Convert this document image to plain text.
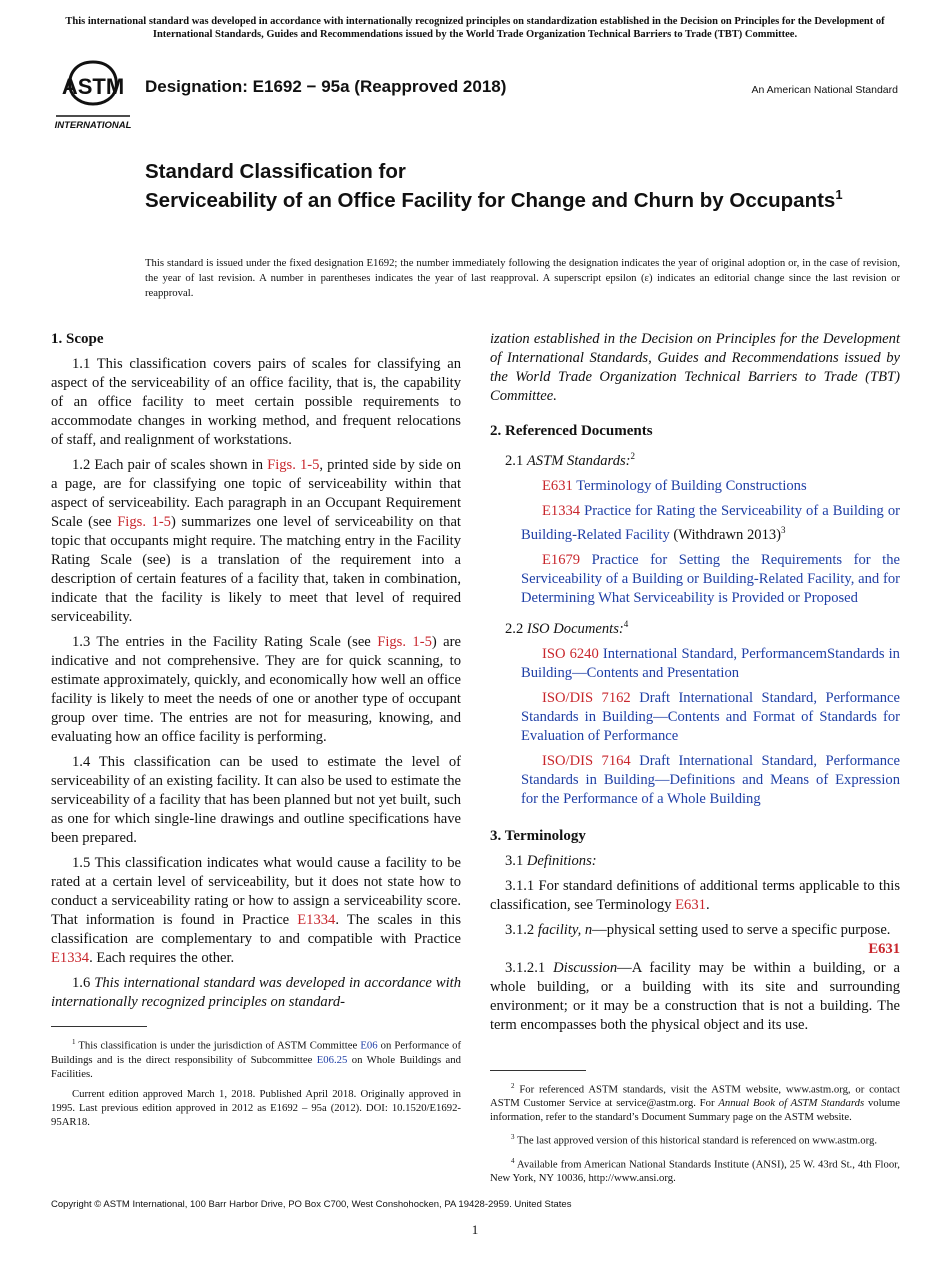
This international standard was developed in accordance with internationally recognized principles on standardization established in the Decision on Principles for the Development of International Standards, Guides and Recommendations issued by the World Trade Organization Technical Barriers to Trade (TBT) Committee.
ASTM
INTERNATIONAL
Designation: E1692 − 95a (Reapproved 2018)	An American National Standard
Standard Classification for
Serviceability of an Office Facility for Change and Churn by Occupants$^1$
This standard is issued under the fixed designation E1692; the number immediately following the designation indicates the year of original adoption or, in the case of revision, the year of last revision. A number in parentheses indicates the year of last reapproval. A superscript epsilon (ε) indicates an editorial change since the last revision or reapproval.
1. Scope

1.1 This classification covers pairs of scales for classifying an aspect of the serviceability of an office facility, that is, the capability of an office facility to meet certain possible requirements to accommodate changes in working method, and frequent relocations of staff, and realignment of workstations.

1.2 Each pair of scales shown in Figs. 1-5, printed side by side on a page, are for classifying one topic of serviceability within that aspect of serviceability. Each paragraph in an Occupant Requirement Scale (see Figs. 1-5) summarizes one level of serviceability on that topic that occupants might require. The matching entry in the Facility Rating Scale (see) is a translation of the requirement into a description of certain features of a facility that, taken in combination, indicate that the facility is likely to meet that level of required serviceability.

1.3 The entries in the Facility Rating Scale (see Figs. 1-5) are indicative and not comprehensive. They are for quick scanning, to estimate approximately, quickly, and economically how well an office facility is likely to meet the needs of one or another type of occupant group over time. The entries are not for measuring, knowing, and evaluating how an office facility is performing.

1.4 This classification can be used to estimate the level of serviceability of an existing facility. It can also be used to estimate the serviceability of a facility that has been planned but not yet built, such as one for which single-line drawings and outline specifications have been prepared.

1.5 This classification indicates what would cause a facility to be rated at a certain level of serviceability, but it does not state how to conduct a serviceability rating or how to assign a serviceability score. That information is found in Practice E1334. The scales in this classification are complementary to and compatible with Practice E1334. Each requires the other.

1.6 This international standard was developed in accordance with internationally recognized principles on standard-

$^1$ This classification is under the jurisdiction of ASTM Committee E06 on Performance of Buildings and is the direct responsibility of Subcommittee E06.25 on Whole Buildings and Facilities.

Current edition approved March 1, 2018. Published April 2018. Originally approved in 1995. Last previous edition approved in 2012 as E1692 – 95a (2012). DOI: 10.1520/E1692-95AR18.

ization established in the Decision on Principles for the Development of International Standards, Guides and Recommendations issued by the World Trade Organization Technical Barriers to Trade (TBT) Committee.

2. Referenced Documents

2.1 ASTM Standards:$^2$

E631 Terminology of Building Constructions

E1334 Practice for Rating the Serviceability of a Building or Building-Related Facility (Withdrawn 2013)$^3$

E1679 Practice for Setting the Requirements for the Serviceability of a Building or Building-Related Facility, and for Determining What Serviceability is Provided or Proposed

2.2 ISO Documents:$^4$

ISO 6240 International Standard, PerformancemStandards in Building—Contents and Presentation

ISO/DIS 7162 Draft International Standard, Performance Standards in Building—Contents and Format of Standards for Evaluation of Performance

ISO/DIS 7164 Draft International Standard, Performance Standards in Building—Definitions and Means of Expression for the Performance of a Whole Building

3. Terminology

3.1 Definitions:

3.1.1 For standard definitions of additional terms applicable to this classification, see Terminology E631.

3.1.2 facility, n—physical setting used to serve a specific purpose.
E631

3.1.2.1 Discussion—A facility may be within a building, or a whole building, or a building with its site and surrounding environment; or it may be a construction that is not a building. The term encompasses both the physical object and its use.

$^2$ For referenced ASTM standards, visit the ASTM website, www.astm.org, or contact ASTM Customer Service at service@astm.org. For Annual Book of ASTM Standards volume information, refer to the standard’s Document Summary page on the ASTM website.

$^3$ The last approved version of this historical standard is referenced on www.astm.org.

$^4$ Available from American National Standards Institute (ANSI), 25 W. 43rd St., 4th Floor, New York, NY 10036, http://www.ansi.org.

Copyright © ASTM International, 100 Barr Harbor Drive, PO Box C700, West Conshohocken, PA 19428-2959. United States
1
